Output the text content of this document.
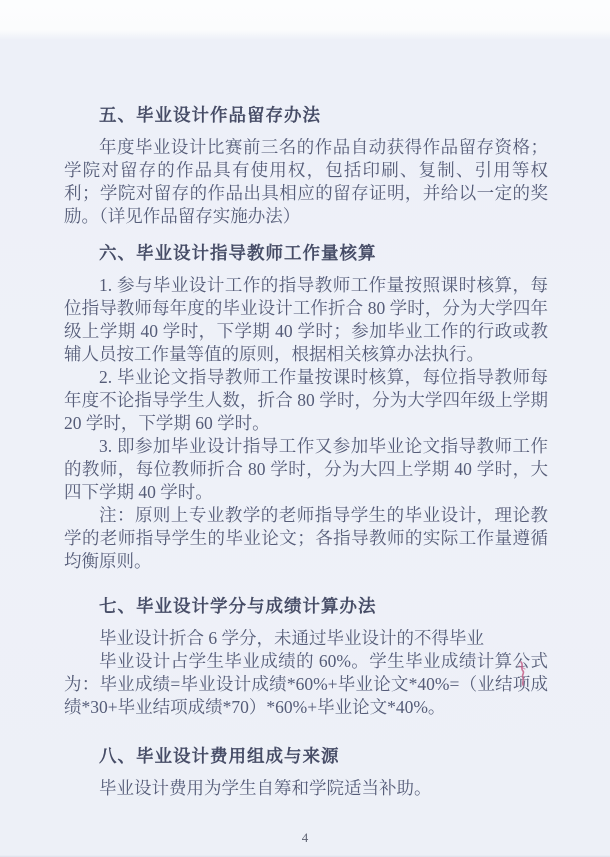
五、毕业设计作品留存办法

年度毕业设计比赛前三名的作品自动获得作品留存资格；学院对留存的作品具有使用权，包括印刷、复制、引用等权利；学院对留存的作品出具相应的留存证明，并给以一定的奖励。（详见作品留存实施办法）

六、毕业设计指导教师工作量核算

1. 参与毕业设计工作的指导教师工作量按照课时核算，每位指导教师每年度的毕业设计工作折合 80 学时，分为大学四年级上学期 40 学时，下学期 40 学时；参加毕业工作的行政或教辅人员按工作量等值的原则，根据相关核算办法执行。

2. 毕业论文指导教师工作量按课时核算，每位指导教师每年度不论指导学生人数，折合 80 学时，分为大学四年级上学期 20 学时，下学期 60 学时。

3. 即参加毕业设计指导工作又参加毕业论文指导教师工作的教师，每位教师折合 80 学时，分为大四上学期 40 学时，大四下学期 40 学时。

注：原则上专业教学的老师指导学生的毕业设计，理论教学的老师指导学生的毕业论文；各指导教师的实际工作量遵循均衡原则。

七、毕业设计学分与成绩计算办法

毕业设计折合 6 学分，未通过毕业设计的不得毕业

毕业设计占学生毕业成绩的 60%。学生毕业成绩计算公式为：毕业成绩=毕业设计成绩*60%+毕业论文*40%=（业结项成绩*30+毕业结项成绩*70）*60%+毕业论文*40%。

八、毕业设计费用组成与来源

毕业设计费用为学生自筹和学院适当补助。

4
